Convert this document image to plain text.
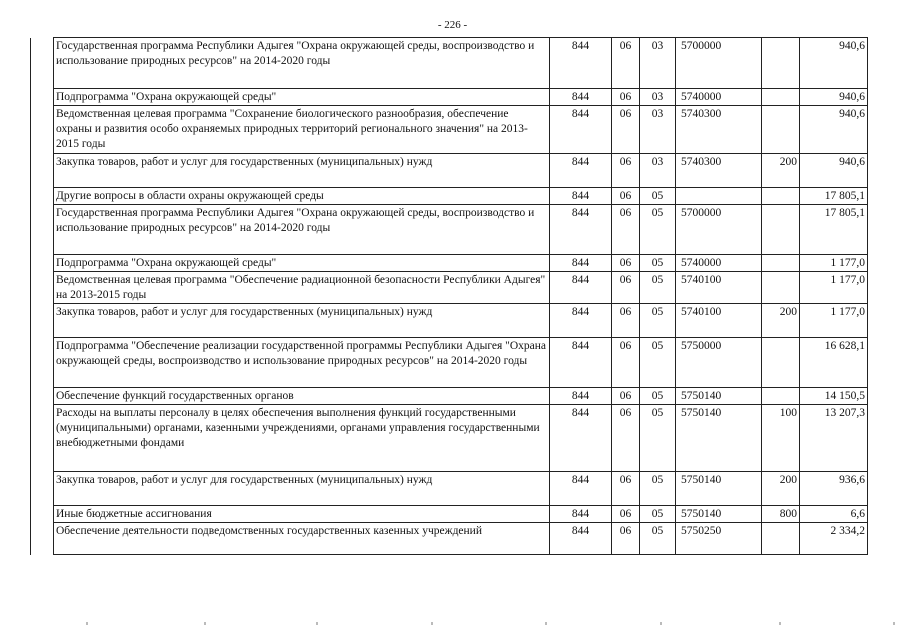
- 226 -
	Государственная программа Республики Адыгея "Охрана окружающей среды, воспроизводство и использование природных ресурсов" на 2014-2020 годы	844	06	03	5700000		940,6
	Подпрограмма "Охрана окружающей среды"	844	06	03	5740000		940,6
	Ведомственная целевая программа "Сохранение биологического разнообразия, обеспечение охраны и развития особо охраняемых природных территорий регионального значения" на 2013-2015 годы	844	06	03	5740300		940,6
	Закупка товаров, работ и услуг для государственных (муниципальных) нужд	844	06	03	5740300	200	940,6
	Другие вопросы в области охраны окружающей среды	844	06	05			17 805,1
	Государственная программа Республики Адыгея "Охрана окружающей среды, воспроизводство и использование природных ресурсов" на 2014-2020 годы	844	06	05	5700000		17 805,1
	Подпрограмма "Охрана окружающей среды"	844	06	05	5740000		1 177,0
	Ведомственная целевая программа "Обеспечение радиационной безопасности Республики Адыгея" на 2013-2015 годы	844	06	05	5740100		1 177,0
	Закупка товаров, работ и услуг для государственных (муниципальных) нужд	844	06	05	5740100	200	1 177,0
	Подпрограмма "Обеспечение реализации государственной программы Республики Адыгея "Охрана окружающей среды, воспроизводство и использование природных ресурсов" на 2014-2020 годы	844	06	05	5750000		16 628,1
	Обеспечение функций государственных органов	844	06	05	5750140		14 150,5
	Расходы на выплаты персоналу в целях обеспечения выполнения функций государственными (муниципальными) органами, казенными учреждениями, органами управления государственными внебюджетными фондами	844	06	05	5750140	100	13 207,3
	Закупка товаров, работ и услуг для государственных (муниципальных) нужд	844	06	05	5750140	200	936,6
	Иные бюджетные ассигнования	844	06	05	5750140	800	6,6
	Обеспечение деятельности подведомственных государственных казенных учреждений	844	06	05	5750250		2 334,2
